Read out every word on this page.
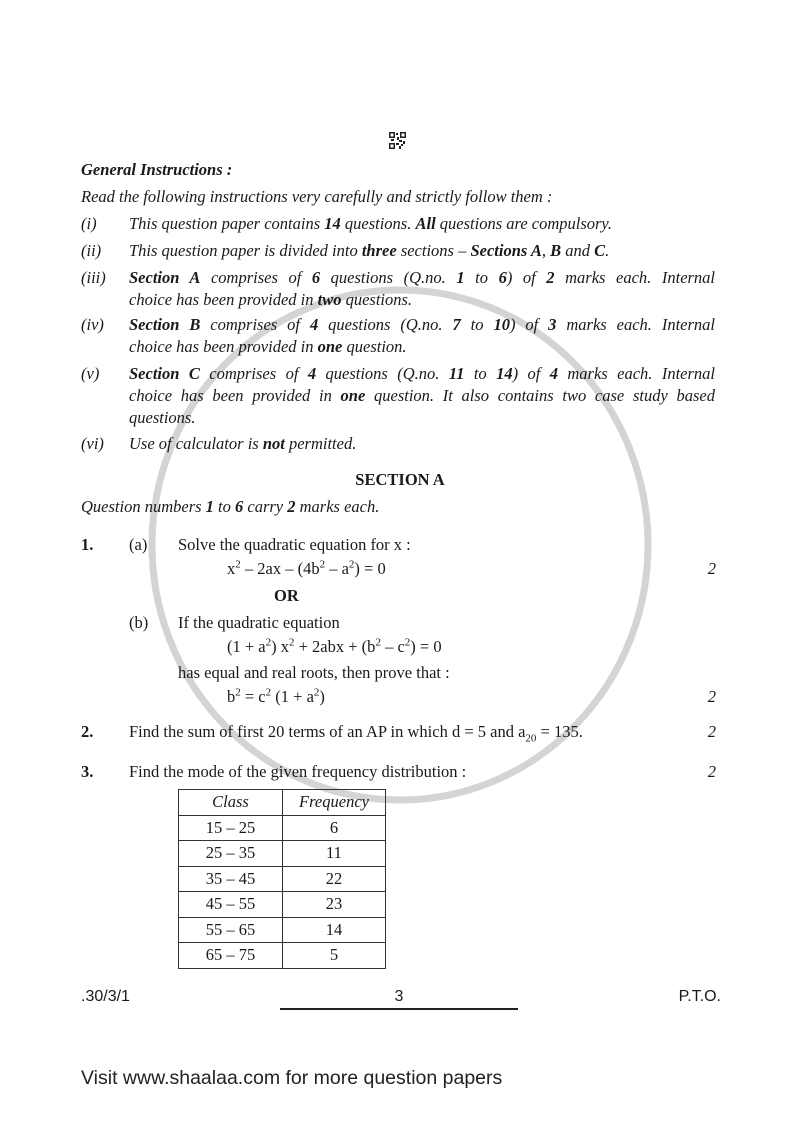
General Instructions :
Read the following instructions very carefully and strictly follow them :
(i) This question paper contains 14 questions. All questions are compulsory.
(ii) This question paper is divided into three sections – Sections A, B and C.
(iii) Section A comprises of 6 questions (Q.no. 1 to 6) of 2 marks each. Internal
choice has been provided in two questions.
(iv) Section B comprises of 4 questions (Q.no. 7 to 10) of 3 marks each. Internal
choice has been provided in one question.
(v) Section C comprises of 4 questions (Q.no. 11 to 14) of 4 marks each. Internal
choice has been provided in one question. It also contains two case study based
questions.
(vi) Use of calculator is not permitted.
SECTION A
Question numbers 1 to 6 carry 2 marks each.
1. (a) Solve the quadratic equation for x :
$x^2 - 2ax - (4b^2 - a^2) = 0$	2
OR
(b) If the quadratic equation
$(1 + a^2)$ $x^2 + 2abx + (b^2 - c^2) = 0$
has equal and real roots, then prove that :
$b^2 = c^2$ $(1 + a^2)$	2
2. Find the sum of first 20 terms of an AP in which d = 5 and $a_{20} = 135$.	2
3. Find the mode of the given frequency distribution :	2
Class	Frequency
15 – 25	6
25 – 35	11
35 – 45	22
45 – 55	23
55 – 65	14
65 – 75	5
.30/3/1	3	P.T.O.
Visit www.shaalaa.com for more question papers
